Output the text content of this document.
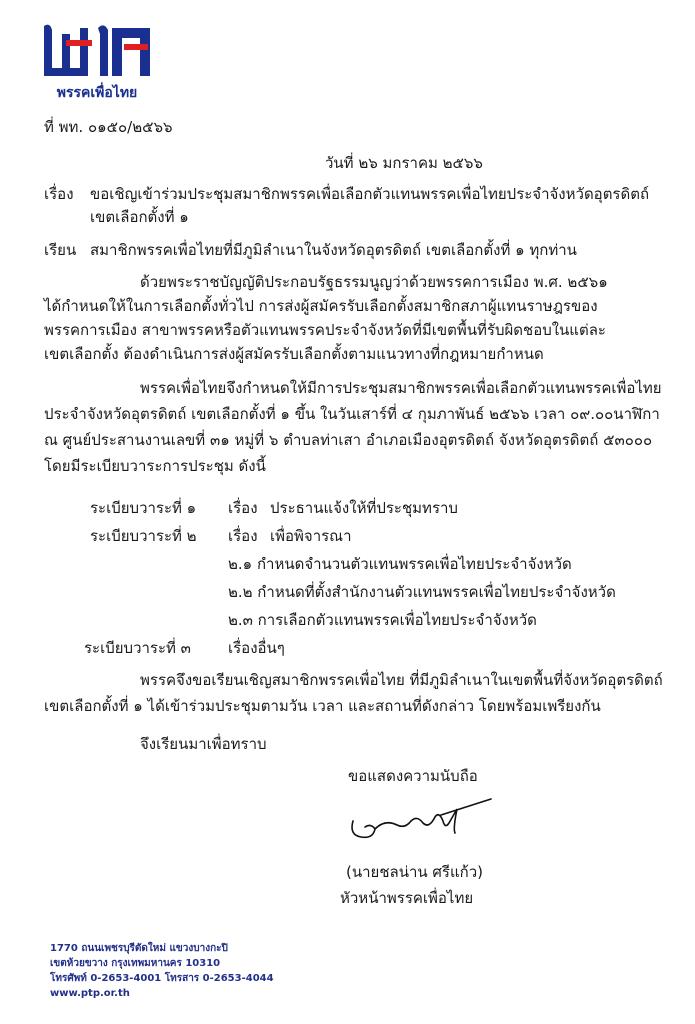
พรรคเพื่อไทย
ที่ พท. ๐๑๕๐/๒๕๖๖
วันที่ ๒๖ มกราคม ๒๕๖๖
เรื่อง ขอเชิญเข้าร่วมประชุมสมาชิกพรรคเพื่อเลือกตัวแทนพรรคเพื่อไทยประจำจังหวัดอุตรดิตถ์
เขตเลือกตั้งที่ ๑
เรียน สมาชิกพรรคเพื่อไทยที่มีภูมิลำเนาในจังหวัดอุตรดิตถ์ เขตเลือกตั้งที่ ๑ ทุกท่าน
ด้วยพระราชบัญญัติประกอบรัฐธรรมนูญว่าด้วยพรรคการเมือง พ.ศ. ๒๕๖๑
ได้กำหนดให้ในการเลือกตั้งทั่วไป การส่งผู้สมัครรับเลือกตั้งสมาชิกสภาผู้แทนราษฎรของ
พรรคการเมือง สาขาพรรคหรือตัวแทนพรรคประจำจังหวัดที่มีเขตพื้นที่รับผิดชอบในแต่ละ
เขตเลือกตั้ง ต้องดำเนินการส่งผู้สมัครรับเลือกตั้งตามแนวทางที่กฎหมายกำหนด
พรรคเพื่อไทยจึงกำหนดให้มีการประชุมสมาชิกพรรคเพื่อเลือกตัวแทนพรรคเพื่อไทย
ประจำจังหวัดอุตรดิตถ์ เขตเลือกตั้งที่ ๑ ขึ้น ในวันเสาร์ที่ ๔ กุมภาพันธ์ ๒๕๖๖ เวลา ๐๙.๐๐นาฬิกา
ณ ศูนย์ประสานงานเลขที่ ๓๑ หมู่ที่ ๖ ตำบลท่าเสา อำเภอเมืองอุตรดิตถ์ จังหวัดอุตรดิตถ์ ๕๓๐๐๐
โดยมีระเบียบวาระการประชุม ดังนี้
ระเบียบวาระที่ ๑ เรื่อง ประธานแจ้งให้ที่ประชุมทราบ
ระเบียบวาระที่ ๒ เรื่อง เพื่อพิจารณา
๒.๑ กำหนดจำนวนตัวแทนพรรคเพื่อไทยประจำจังหวัด
๒.๒ กำหนดที่ตั้งสำนักงานตัวแทนพรรคเพื่อไทยประจำจังหวัด
๒.๓ การเลือกตัวแทนพรรคเพื่อไทยประจำจังหวัด
ระเบียบวาระที่ ๓ เรื่องอื่นๆ
พรรคจึงขอเรียนเชิญสมาชิกพรรคเพื่อไทย ที่มีภูมิลำเนาในเขตพื้นที่จังหวัดอุตรดิตถ์
เขตเลือกตั้งที่ ๑ ได้เข้าร่วมประชุมตามวัน เวลา และสถานที่ดังกล่าว โดยพร้อมเพรียงกัน
จึงเรียนมาเพื่อทราบ
ขอแสดงความนับถือ
(นายชลน่าน ศรีแก้ว)
หัวหน้าพรรคเพื่อไทย
1770 ถนนเพชรบุรีตัดใหม่ แขวงบางกะปิ
เขตห้วยขวาง กรุงเทพมหานคร 10310
โทรศัพท์ 0-2653-4001 โทรสาร 0-2653-4044
www.ptp.or.th
